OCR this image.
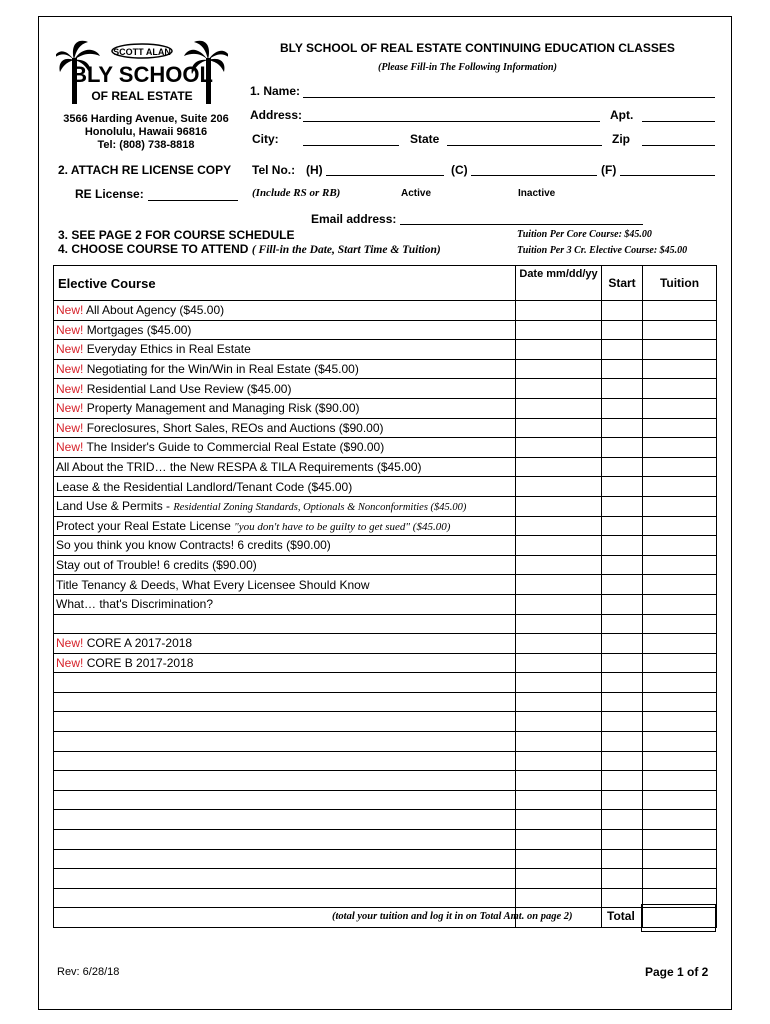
SCOTT ALAN
BLY SCHOOL
OF REAL ESTATE
3566 Harding Avenue, Suite 206
Honolulu, Hawaii 96816
Tel: (808) 738-8818
BLY SCHOOL OF REAL ESTATE CONTINUING EDUCATION CLASSES
(Please Fill-in The Following Information)
1. Name:
Address:	Apt.
City:	State	Zip
2. ATTACH RE LICENSE COPY Tel No.: (H)	(C)	(F)
RE License:	(Include RS or RB)	Active	Inactive
Email address:
3. SEE PAGE 2 FOR COURSE SCHEDULE
4. CHOOSE COURSE TO ATTEND ( Fill-in the Date, Start Time & Tuition)
Tuition Per Core Course: $45.00
Tuition Per 3 Cr. Elective Course: $45.00
Elective Course	Date mm/dd/yy	Start	Tuition
New! All About Agency ($45.00)			
New! Mortgages ($45.00)			
New! Everyday Ethics in Real Estate			
New! Negotiating for the Win/Win in Real Estate ($45.00)			
New! Residential Land Use Review ($45.00)			
New! Property Management and Managing Risk ($90.00)			
New! Foreclosures, Short Sales, REOs and Auctions ($90.00)			
New! The Insider's Guide to Commercial Real Estate ($90.00)			
All About the TRID… the New RESPA & TILA Requirements ($45.00)			
Lease & the Residential Landlord/Tenant Code ($45.00)			
Land Use & Permits - Residential Zoning Standards, Optionals & Nonconformities ($45.00)			
Protect your Real Estate License "you don't have to be guilty to get sued" ($45.00)			
So you think you know Contracts! 6 credits ($90.00)			
Stay out of Trouble! 6 credits ($90.00)			
Title Tenancy & Deeds, What Every Licensee Should Know			
What… that's Discrimination?			

New! CORE A 2017-2018			
New! CORE B 2017-2018			

(total your tuition and log it in on Total Amt. on page 2)	Total
Rev: 6/28/18	Page 1 of 2
